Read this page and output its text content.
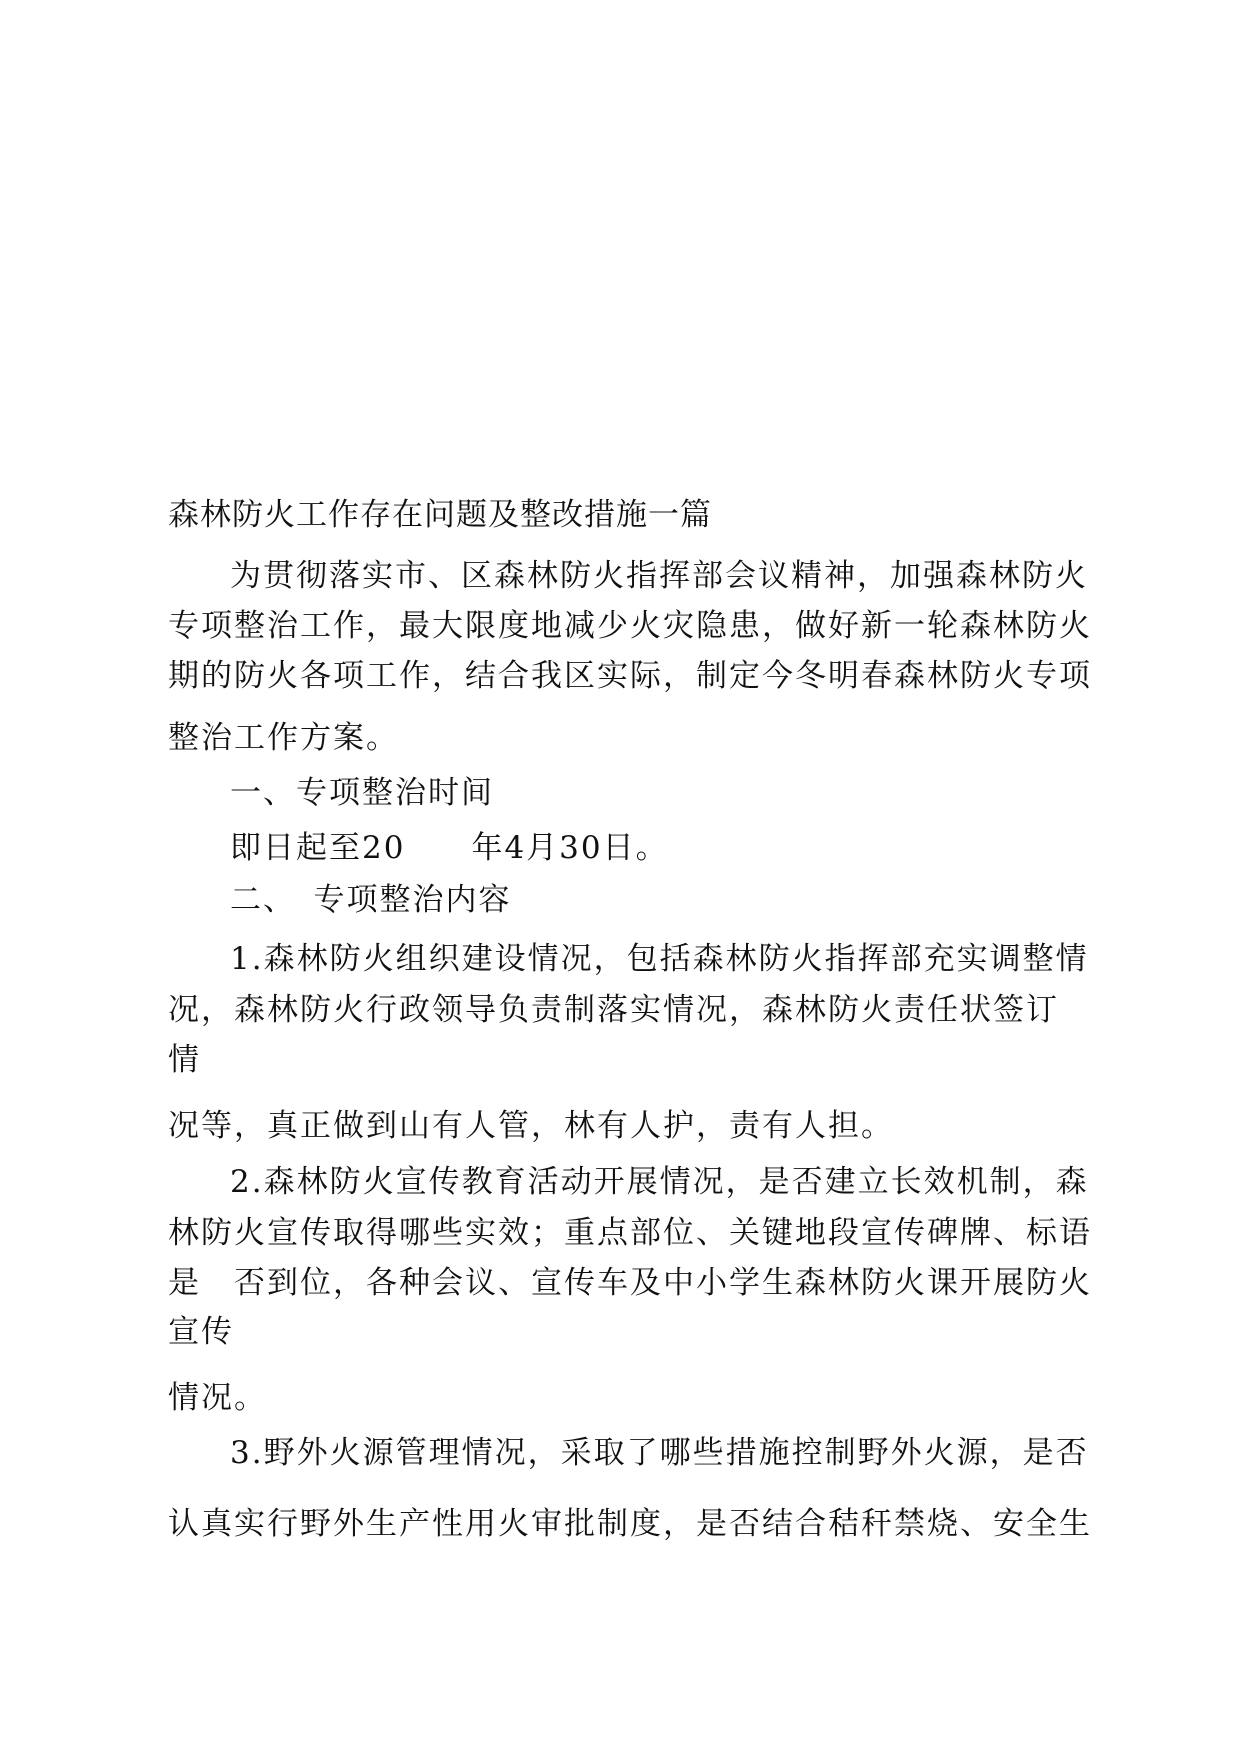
森林防火工作存在问题及整改措施一篇
为贯彻落实市、区森林防火指挥部会议精神，加强森林防火
专项整治工作，最大限度地减少火灾隐患，做好新一轮森林防火
期的防火各项工作，结合我区实际，制定今冬明春森林防火专项
整治工作方案。
一、专项整治时间
即日起至20　　年4月30日。
二、　专项整治内容
1.森林防火组织建设情况，包括森林防火指挥部充实调整情
况，森林防火行政领导负责制落实情况，森林防火责任状签订
情
况等，真正做到山有人管，林有人护，责有人担。
2.森林防火宣传教育活动开展情况，是否建立长效机制，森
林防火宣传取得哪些实效；重点部位、关键地段宣传碑牌、标语
是　否到位，各种会议、宣传车及中小学生森林防火课开展防火
宣传
情况。
3.野外火源管理情况，采取了哪些措施控制野外火源，是否
认真实行野外生产性用火审批制度，是否结合秸秆禁烧、安全生
